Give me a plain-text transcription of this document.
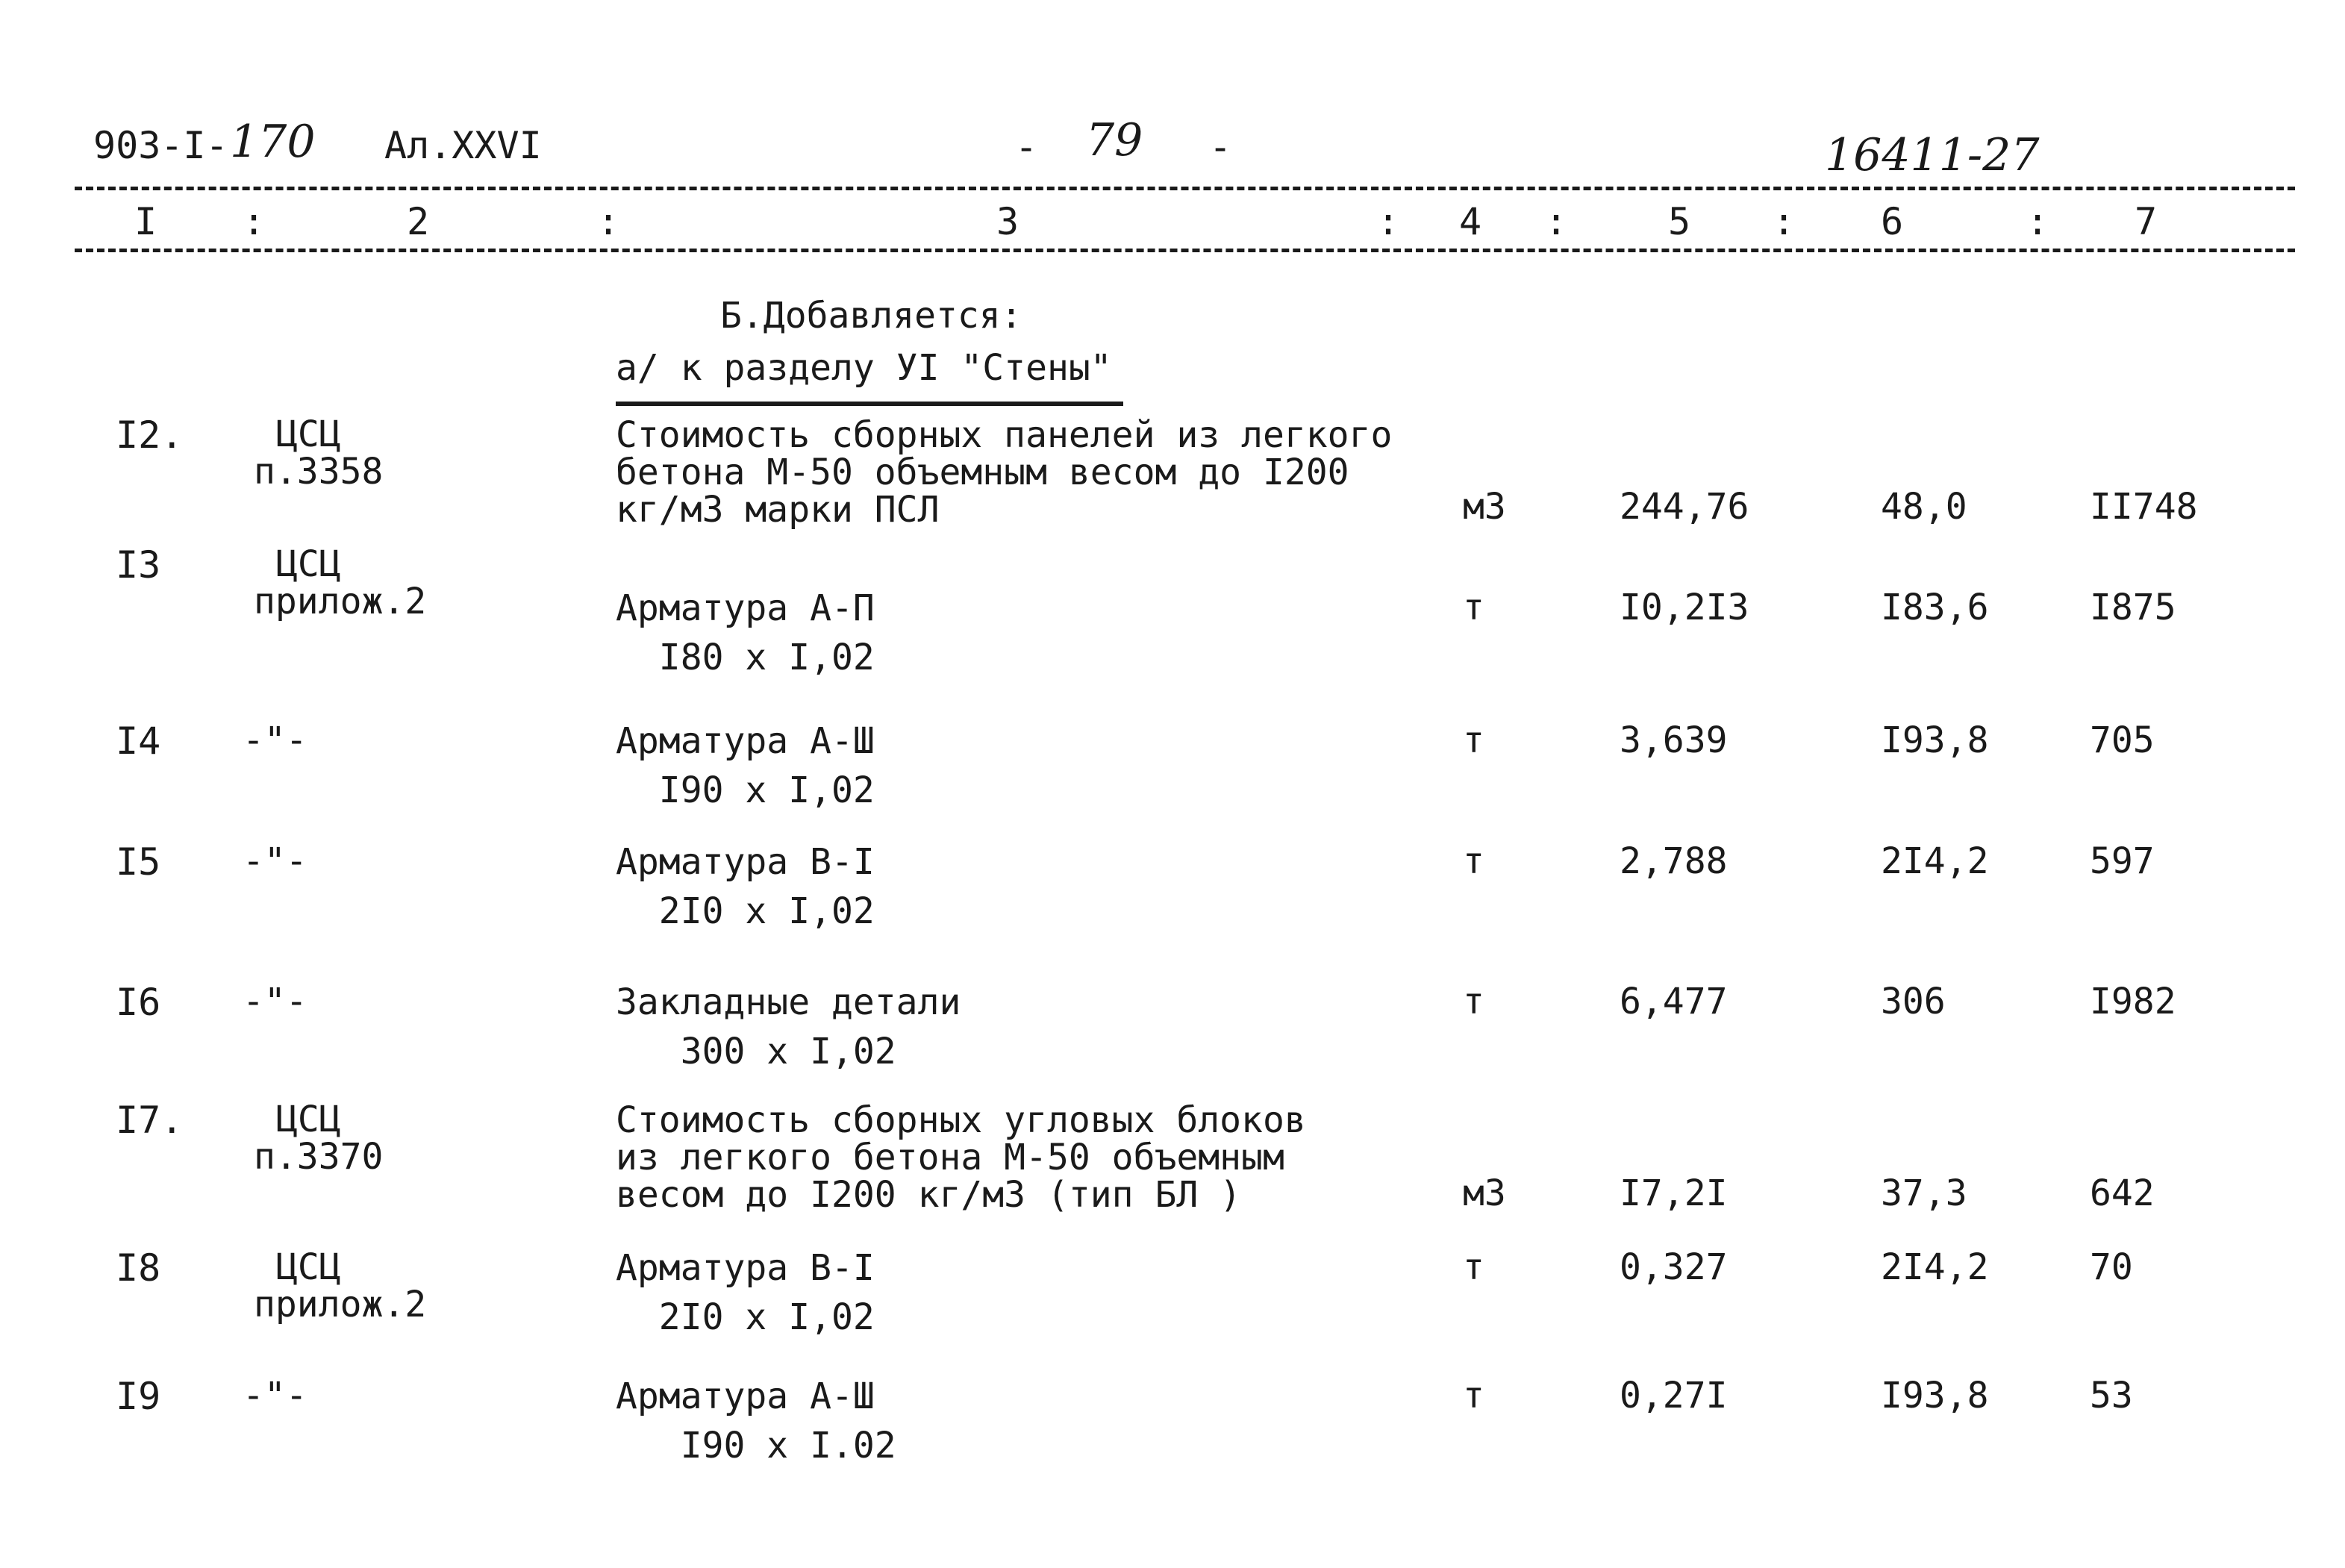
903-I- 170 Ал.XXVI	- 79 -	16411-27
I :	2	:	3	: 4 :	5 : 6	: 7
Б.Добавляется:
а/ к разделу УI "Стены"
I2.	ЦСЦ
п.3358
Стоимость сборных панелей из легкого
бетона М-50 объемным весом до I200
кг/м3 марки ПСЛ	м3	244,76	48,0	II748
I3	ЦСЦ
прилож.2	Арматура А-П
I80 х I,02
т	I0,2I3	I83,6	I875
I4 -"-	Арматура А-Ш
I90 х I,02
т	3,639	I93,8	705
I5 -"-	Арматура В-I
2I0 х I,02
т	2,788	2I4,2	597
I6 -"-	Закладные детали
300 х I,02
т	6,477	306	I982
I7.	ЦСЦ
п.3370
Стоимость сборных угловых блоков
из легкого бетона М-50 объемным
весом до I200 кг/м3 (тип БЛ )	м3	I7,2I	37,3	642
I8	ЦСЦ
прилож.2
Арматура В-I
2I0 х I,02
т	0,327	2I4,2	70
I9 -"-	Арматура А-Ш
I90 х I.02
т	0,27I	I93,8	53
